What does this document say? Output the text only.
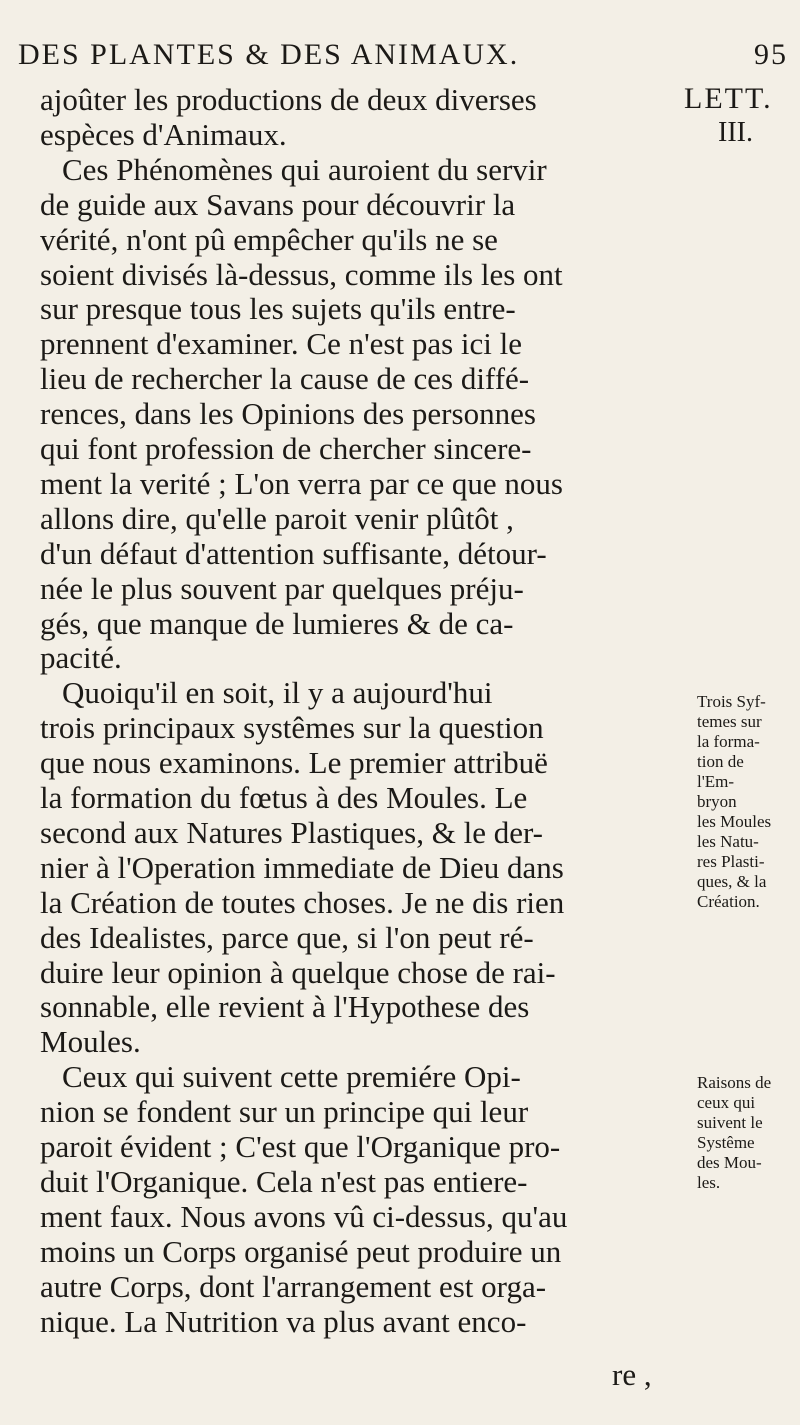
DES PLANTES & DES ANIMAUX.	95
LETT.
III.
ajoûter les productions de deux diverses
espèces d'Animaux.
Ces Phénomènes qui auroient du servir
de guide aux Savans pour découvrir la
vérité, n'ont pû empêcher qu'ils ne se
soient divisés là-dessus, comme ils les ont
sur presque tous les sujets qu'ils entre-
prennent d'examiner. Ce n'est pas ici le
lieu de rechercher la cause de ces diffé-
rences, dans les Opinions des personnes
qui font profession de chercher sincere-
ment la verité ; L'on verra par ce que nous
allons dire, qu'elle paroit venir plûtôt ,
d'un défaut d'attention suffisante, détour-
née le plus souvent par quelques préju-
gés, que manque de lumieres & de ca-
pacité.
Quoiqu'il en soit, il y a aujourd'hui
trois principaux systêmes sur la question
que nous examinons. Le premier attribuë
la formation du fœtus à des Moules. Le
second aux Natures Plastiques, & le der-
nier à l'Operation immediate de Dieu dans
la Création de toutes choses. Je ne dis rien
des Idealistes, parce que, si l'on peut ré-
duire leur opinion à quelque chose de rai-
sonnable, elle revient à l'Hypothese des
Moules.
Ceux qui suivent cette premiére Opi-
nion se fondent sur un principe qui leur
paroit évident ; C'est que l'Organique pro-
duit l'Organique. Cela n'est pas entiere-
ment faux. Nous avons vû ci-dessus, qu'au
moins un Corps organisé peut produire un
autre Corps, dont l'arrangement est orga-
nique. La Nutrition va plus avant enco-
Trois Syf-
temes sur
la forma-
tion de
l'Em-
bryon
les Moules
les Natu-
res Plasti-
ques, & la
Création.
Raisons de
ceux qui
suivent le
Systême
des Mou-
les.
re ,
